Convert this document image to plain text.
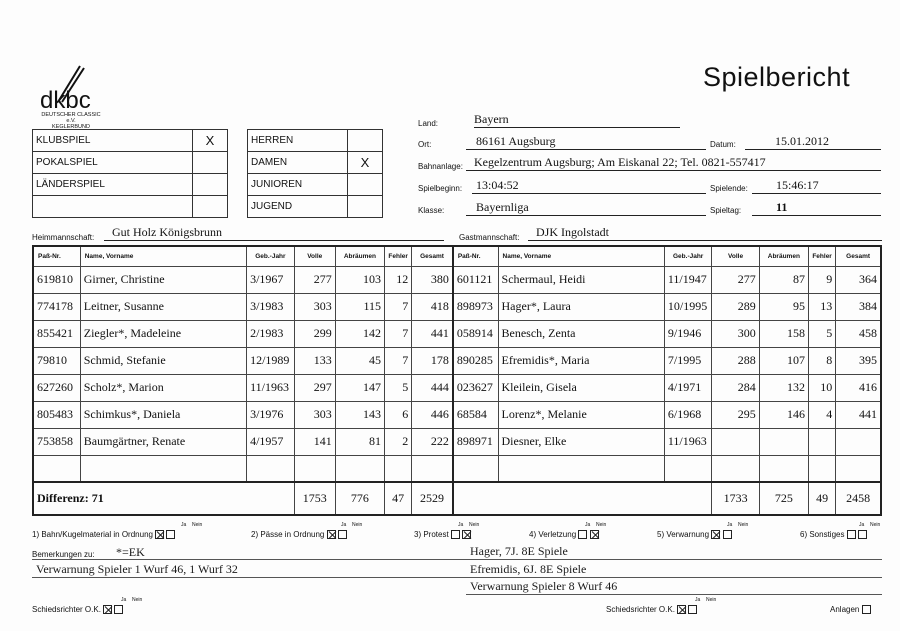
Spielbericht
dkbc
DEUTSCHER CLASSIC e.V.
KEGLERBUND
KLUBSPIEL	X
POKALSPIEL	
LÄNDERSPIEL	

HERREN	
DAMEN	X
JUNIOREN	
JUGEND	
Land:	Bayern
Ort:	86161 Augsburg	Datum:	15.01.2012
Bahnanlage: Kegelzentrum Augsburg; Am Eiskanal 22; Tel. 0821-557417
Spielbeginn:	13:04:52	Spielende:	15:46:17
Klasse:	Bayernliga	Spieltag:	11
Heimmannschaft:	Gut Holz Königsbrunn	Gastmannschaft:	DJK Ingolstadt
Paß-Nr.	Name, Vorname	Geb.-Jahr	Volle	Abräumen	Fehler	Gesamt	Paß-Nr.	Name, Vorname	Geb.-Jahr	Volle	Abräumen	Fehler	Gesamt
619810	Girner, Christine	3/1967	277	103	12	380	601121	Schermaul, Heidi	11/1947	277	87	9	364
774178	Leitner, Susanne	3/1983	303	115	7	418	898973	Hager*, Laura	10/1995	289	95	13	384
855421	Ziegler*, Madeleine	2/1983	299	142	7	441	058914	Benesch, Zenta	9/1946	300	158	5	458
79810	Schmid, Stefanie	12/1989	133	45	7	178	890285	Efremidis*, Maria	7/1995	288	107	8	395
627260	Scholz*, Marion	11/1963	297	147	5	444	023627	Kleilein, Gisela	4/1971	284	132	10	416
805483	Schimkus*, Daniela	3/1976	303	143	6	446	68584	Lorenz*, Melanie	6/1968	295	146	4	441
753858	Baumgärtner, Renate	4/1957	141	81	2	222	898971	Diesner, Elke	11/1963				

Differenz: 71			1753	776	47	2529				1733	725	49	2458
1) Bahn/Kugelmaterial in Ordnung
Ja Nein

2) Pässe in Ordnung
Ja Nein

3) Protest
Ja Nein

4) Verletzung
Ja Nein

5) Verwarnung
Ja Nein

6) Sonstiges
Ja Nein

Bemerkungen zu: *=EK	Hager, 7J. 8E Spiele
Verwarnung Spieler 1 Wurf 46, 1 Wurf 32	Efremidis, 6J. 8E Spiele
Verwarnung Spieler 8 Wurf 46
Schiedsrichter O.K.
Ja Nein

Schiedsrichter O.K.
Ja Nein

Anlagen
